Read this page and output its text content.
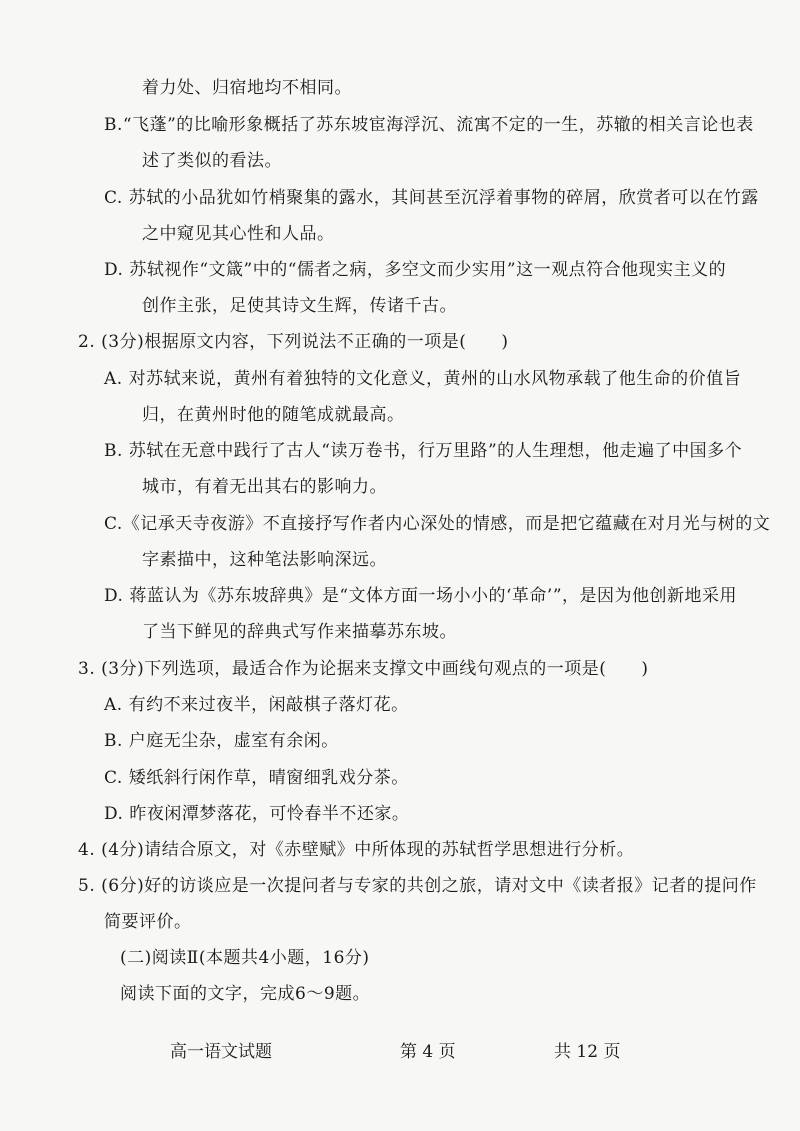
着力处、归宿地均不相同。
B.“飞蓬”的比喻形象概括了苏东坡宦海浮沉、流寓不定的一生，苏辙的相关言论也表
述了类似的看法。
C. 苏轼的小品犹如竹梢聚集的露水，其间甚至沉浮着事物的碎屑，欣赏者可以在竹露
之中窥见其心性和人品。
D. 苏轼视作“文箴”中的“儒者之病，多空文而少实用”这一观点符合他现实主义的
创作主张，足使其诗文生辉，传诸千古。
2. (3分)根据原文内容，下列说法不正确的一项是(　　)
A. 对苏轼来说，黄州有着独特的文化意义，黄州的山水风物承载了他生命的价值旨
归，在黄州时他的随笔成就最高。
B. 苏轼在无意中践行了古人“读万卷书，行万里路”的人生理想，他走遍了中国多个
城市，有着无出其右的影响力。
C.《记承天寺夜游》不直接抒写作者内心深处的情感，而是把它蕴藏在对月光与树的文
字素描中，这种笔法影响深远。
D. 蒋蓝认为《苏东坡辞典》是“文体方面一场小小的‘革命’”，是因为他创新地采用
了当下鲜见的辞典式写作来描摹苏东坡。
3. (3分)下列选项，最适合作为论据来支撑文中画线句观点的一项是(　　)
A. 有约不来过夜半，闲敲棋子落灯花。
B. 户庭无尘杂，虚室有余闲。
C. 矮纸斜行闲作草，晴窗细乳戏分茶。
D. 昨夜闲潭梦落花，可怜春半不还家。
4. (4分)请结合原文，对《赤壁赋》中所体现的苏轼哲学思想进行分析。
5. (6分)好的访谈应是一次提问者与专家的共创之旅，请对文中《读者报》记者的提问作
简要评价。
(二)阅读Ⅱ(本题共4小题，16分)
阅读下面的文字，完成6～9题。
高一语文试题	第 4 页	共 12 页
